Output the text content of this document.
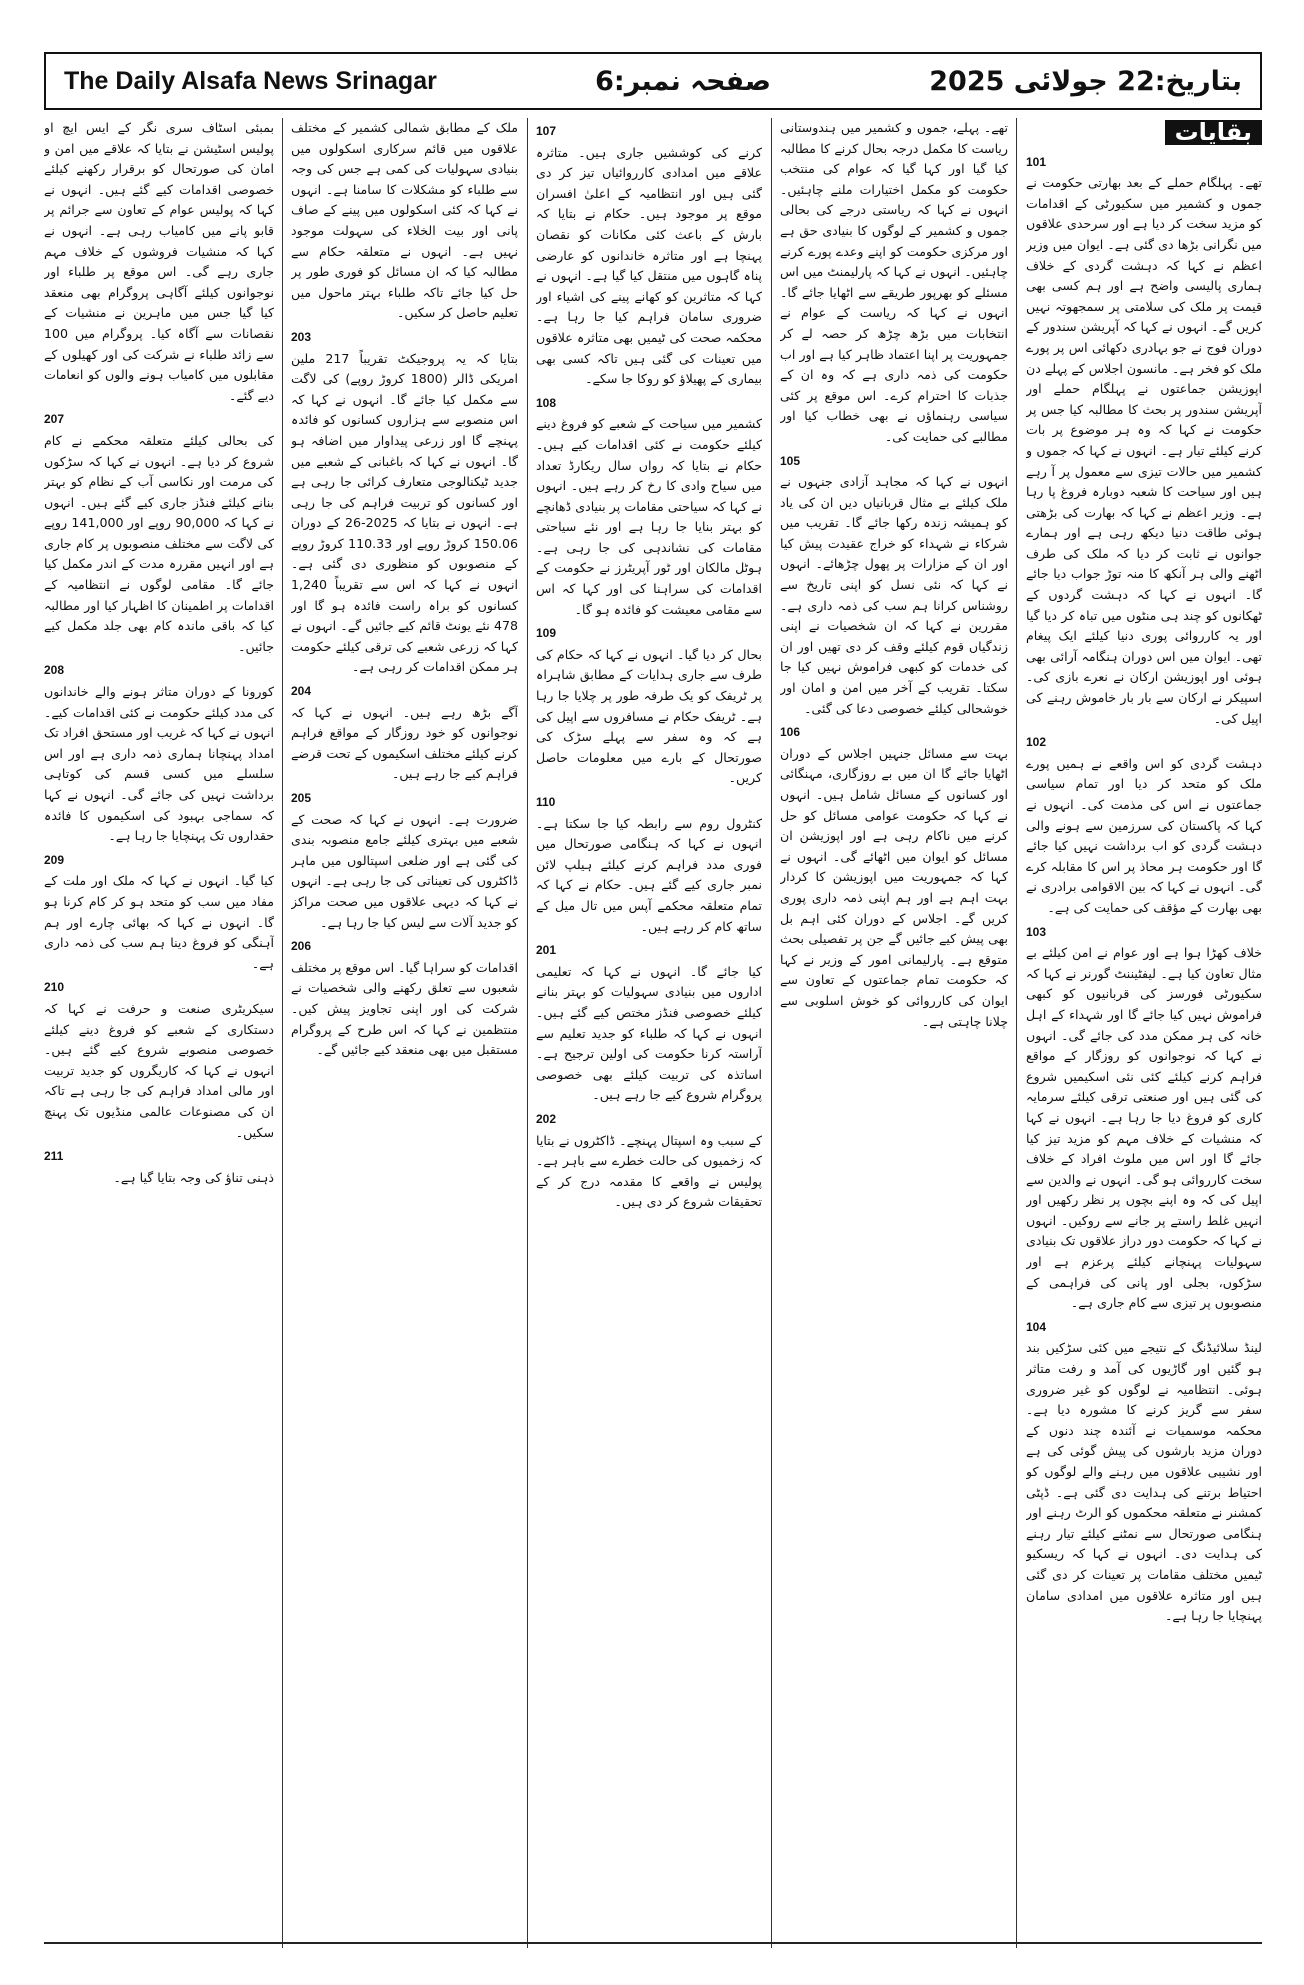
The Daily Alsafa News Srinagar	صفحہ نمبر:6	بتاریخ:22 جولائی 2025
بقایات
101

تھے۔ پہلگام حملے کے بعد بھارتی حکومت نے جموں و کشمیر میں سکیورٹی کے اقدامات کو مزید سخت کر دیا ہے اور سرحدی علاقوں میں نگرانی بڑھا دی گئی ہے۔ ایوان میں وزیر اعظم نے کہا کہ دہشت گردی کے خلاف ہماری پالیسی واضح ہے اور ہم کسی بھی قیمت پر ملک کی سلامتی پر سمجھوتہ نہیں کریں گے۔ انہوں نے کہا کہ آپریشن سندور کے دوران فوج نے جو بہادری دکھائی اس پر پورے ملک کو فخر ہے۔ مانسون اجلاس کے پہلے دن اپوزیشن جماعتوں نے پہلگام حملے اور آپریشن سندور پر بحث کا مطالبہ کیا جس پر حکومت نے کہا کہ وہ ہر موضوع پر بات کرنے کیلئے تیار ہے۔ انہوں نے کہا کہ جموں و کشمیر میں حالات تیزی سے معمول پر آ رہے ہیں اور سیاحت کا شعبہ دوبارہ فروغ پا رہا ہے۔ وزیر اعظم نے کہا کہ بھارت کی بڑھتی ہوئی طاقت دنیا دیکھ رہی ہے اور ہمارے جوانوں نے ثابت کر دیا کہ ملک کی طرف اٹھنے والی ہر آنکھ کا منہ توڑ جواب دیا جائے گا۔ انہوں نے کہا کہ دہشت گردوں کے ٹھکانوں کو چند ہی منٹوں میں تباہ کر دیا گیا اور یہ کارروائی پوری دنیا کیلئے ایک پیغام تھی۔ ایوان میں اس دوران ہنگامہ آرائی بھی ہوئی اور اپوزیشن ارکان نے نعرے بازی کی۔ اسپیکر نے ارکان سے بار بار خاموش رہنے کی اپیل کی۔

102

دہشت گردی کو اس واقعے نے ہمیں پورے ملک کو متحد کر دیا اور تمام سیاسی جماعتوں نے اس کی مذمت کی۔ انہوں نے کہا کہ پاکستان کی سرزمین سے ہونے والی دہشت گردی کو اب برداشت نہیں کیا جائے گا اور حکومت ہر محاذ پر اس کا مقابلہ کرے گی۔ انہوں نے کہا کہ بین الاقوامی برادری نے بھی بھارت کے مؤقف کی حمایت کی ہے۔

103

خلاف کھڑا ہوا ہے اور عوام نے امن کیلئے بے مثال تعاون کیا ہے۔ لیفٹیننٹ گورنر نے کہا کہ سکیورٹی فورسز کی قربانیوں کو کبھی فراموش نہیں کیا جائے گا اور شہداء کے اہل خانہ کی ہر ممکن مدد کی جائے گی۔ انہوں نے کہا کہ نوجوانوں کو روزگار کے مواقع فراہم کرنے کیلئے کئی نئی اسکیمیں شروع کی گئی ہیں اور صنعتی ترقی کیلئے سرمایہ کاری کو فروغ دیا جا رہا ہے۔ انہوں نے کہا کہ منشیات کے خلاف مہم کو مزید تیز کیا جائے گا اور اس میں ملوث افراد کے خلاف سخت کارروائی ہو گی۔ انہوں نے والدین سے اپیل کی کہ وہ اپنے بچوں پر نظر رکھیں اور انہیں غلط راستے پر جانے سے روکیں۔ انہوں نے کہا کہ حکومت دور دراز علاقوں تک بنیادی سہولیات پہنچانے کیلئے پرعزم ہے اور سڑکوں، بجلی اور پانی کی فراہمی کے منصوبوں پر تیزی سے کام جاری ہے۔

104

لینڈ سلائیڈنگ کے نتیجے میں کئی سڑکیں بند ہو گئیں اور گاڑیوں کی آمد و رفت متاثر ہوئی۔ انتظامیہ نے لوگوں کو غیر ضروری سفر سے گریز کرنے کا مشورہ دیا ہے۔ محکمہ موسمیات نے آئندہ چند دنوں کے دوران مزید بارشوں کی پیش گوئی کی ہے اور نشیبی علاقوں میں رہنے والے لوگوں کو احتیاط برتنے کی ہدایت دی گئی ہے۔ ڈپٹی کمشنر نے متعلقہ محکموں کو الرٹ رہنے اور ہنگامی صورتحال سے نمٹنے کیلئے تیار رہنے کی ہدایت دی۔ انہوں نے کہا کہ ریسکیو ٹیمیں مختلف مقامات پر تعینات کر دی گئی ہیں اور متاثرہ علاقوں میں امدادی سامان پہنچایا جا رہا ہے۔

تھے۔ پہلے، جموں و کشمیر میں ہندوستانی ریاست کا مکمل درجہ بحال کرنے کا مطالبہ کیا گیا اور کہا گیا کہ عوام کی منتخب حکومت کو مکمل اختیارات ملنے چاہئیں۔ انہوں نے کہا کہ ریاستی درجے کی بحالی جموں و کشمیر کے لوگوں کا بنیادی حق ہے اور مرکزی حکومت کو اپنے وعدے پورے کرنے چاہئیں۔ انہوں نے کہا کہ پارلیمنٹ میں اس مسئلے کو بھرپور طریقے سے اٹھایا جائے گا۔ انہوں نے کہا کہ ریاست کے عوام نے انتخابات میں بڑھ چڑھ کر حصہ لے کر جمہوریت پر اپنا اعتماد ظاہر کیا ہے اور اب حکومت کی ذمہ داری ہے کہ وہ ان کے جذبات کا احترام کرے۔ اس موقع پر کئی سیاسی رہنماؤں نے بھی خطاب کیا اور مطالبے کی حمایت کی۔

105

انہوں نے کہا کہ مجاہد آزادی جنہوں نے ملک کیلئے بے مثال قربانیاں دیں ان کی یاد کو ہمیشہ زندہ رکھا جائے گا۔ تقریب میں شرکاء نے شہداء کو خراج عقیدت پیش کیا اور ان کے مزارات پر پھول چڑھائے۔ انہوں نے کہا کہ نئی نسل کو اپنی تاریخ سے روشناس کرانا ہم سب کی ذمہ داری ہے۔ مقررین نے کہا کہ ان شخصیات نے اپنی زندگیاں قوم کیلئے وقف کر دی تھیں اور ان کی خدمات کو کبھی فراموش نہیں کیا جا سکتا۔ تقریب کے آخر میں امن و امان اور خوشحالی کیلئے خصوصی دعا کی گئی۔

106

بہت سے مسائل جنہیں اجلاس کے دوران اٹھایا جائے گا ان میں بے روزگاری، مہنگائی اور کسانوں کے مسائل شامل ہیں۔ انہوں نے کہا کہ حکومت عوامی مسائل کو حل کرنے میں ناکام رہی ہے اور اپوزیشن ان مسائل کو ایوان میں اٹھائے گی۔ انہوں نے کہا کہ جمہوریت میں اپوزیشن کا کردار بہت اہم ہے اور ہم اپنی ذمہ داری پوری کریں گے۔ اجلاس کے دوران کئی اہم بل بھی پیش کیے جائیں گے جن پر تفصیلی بحث متوقع ہے۔ پارلیمانی امور کے وزیر نے کہا کہ حکومت تمام جماعتوں کے تعاون سے ایوان کی کارروائی کو خوش اسلوبی سے چلانا چاہتی ہے۔

107

کرنے کی کوششیں جاری ہیں۔ متاثرہ علاقے میں امدادی کارروائیاں تیز کر دی گئی ہیں اور انتظامیہ کے اعلیٰ افسران موقع پر موجود ہیں۔ حکام نے بتایا کہ بارش کے باعث کئی مکانات کو نقصان پہنچا ہے اور متاثرہ خاندانوں کو عارضی پناہ گاہوں میں منتقل کیا گیا ہے۔ انہوں نے کہا کہ متاثرین کو کھانے پینے کی اشیاء اور ضروری سامان فراہم کیا جا رہا ہے۔ محکمہ صحت کی ٹیمیں بھی متاثرہ علاقوں میں تعینات کی گئی ہیں تاکہ کسی بھی بیماری کے پھیلاؤ کو روکا جا سکے۔

108

کشمیر میں سیاحت کے شعبے کو فروغ دینے کیلئے حکومت نے کئی اقدامات کیے ہیں۔ حکام نے بتایا کہ رواں سال ریکارڈ تعداد میں سیاح وادی کا رخ کر رہے ہیں۔ انہوں نے کہا کہ سیاحتی مقامات پر بنیادی ڈھانچے کو بہتر بنایا جا رہا ہے اور نئے سیاحتی مقامات کی نشاندہی کی جا رہی ہے۔ ہوٹل مالکان اور ٹور آپریٹرز نے حکومت کے اقدامات کی سراہنا کی اور کہا کہ اس سے مقامی معیشت کو فائدہ ہو گا۔

109

بحال کر دیا گیا۔ انہوں نے کہا کہ حکام کی طرف سے جاری ہدایات کے مطابق شاہراہ پر ٹریفک کو یک طرفہ طور پر چلایا جا رہا ہے۔ ٹریفک حکام نے مسافروں سے اپیل کی ہے کہ وہ سفر سے پہلے سڑک کی صورتحال کے بارے میں معلومات حاصل کریں۔

110

کنٹرول روم سے رابطہ کیا جا سکتا ہے۔ انہوں نے کہا کہ ہنگامی صورتحال میں فوری مدد فراہم کرنے کیلئے ہیلپ لائن نمبر جاری کیے گئے ہیں۔ حکام نے کہا کہ تمام متعلقہ محکمے آپس میں تال میل کے ساتھ کام کر رہے ہیں۔

201

کیا جائے گا۔ انہوں نے کہا کہ تعلیمی اداروں میں بنیادی سہولیات کو بہتر بنانے کیلئے خصوصی فنڈز مختص کیے گئے ہیں۔ انہوں نے کہا کہ طلباء کو جدید تعلیم سے آراستہ کرنا حکومت کی اولین ترجیح ہے۔ اساتذہ کی تربیت کیلئے بھی خصوصی پروگرام شروع کیے جا رہے ہیں۔

202

کے سبب وہ اسپتال پہنچے۔ ڈاکٹروں نے بتایا کہ زخمیوں کی حالت خطرے سے باہر ہے۔ پولیس نے واقعے کا مقدمہ درج کر کے تحقیقات شروع کر دی ہیں۔

ملک کے مطابق شمالی کشمیر کے مختلف علاقوں میں قائم سرکاری اسکولوں میں بنیادی سہولیات کی کمی ہے جس کی وجہ سے طلباء کو مشکلات کا سامنا ہے۔ انہوں نے کہا کہ کئی اسکولوں میں پینے کے صاف پانی اور بیت الخلاء کی سہولت موجود نہیں ہے۔ انہوں نے متعلقہ حکام سے مطالبہ کیا کہ ان مسائل کو فوری طور پر حل کیا جائے تاکہ طلباء بہتر ماحول میں تعلیم حاصل کر سکیں۔

203

بتایا کہ یہ پروجیکٹ تقریباً 217 ملین امریکی ڈالر (1800 کروڑ روپے) کی لاگت سے مکمل کیا جائے گا۔ انہوں نے کہا کہ اس منصوبے سے ہزاروں کسانوں کو فائدہ پہنچے گا اور زرعی پیداوار میں اضافہ ہو گا۔ انہوں نے کہا کہ باغبانی کے شعبے میں جدید ٹیکنالوجی متعارف کرائی جا رہی ہے اور کسانوں کو تربیت فراہم کی جا رہی ہے۔ انہوں نے بتایا کہ 2025-26 کے دوران 150.06 کروڑ روپے اور 110.33 کروڑ روپے کے منصوبوں کو منظوری دی گئی ہے۔ انہوں نے کہا کہ اس سے تقریباً 1,240 کسانوں کو براہ راست فائدہ ہو گا اور 478 نئے یونٹ قائم کیے جائیں گے۔ انہوں نے کہا کہ زرعی شعبے کی ترقی کیلئے حکومت ہر ممکن اقدامات کر رہی ہے۔

204

آگے بڑھ رہے ہیں۔ انہوں نے کہا کہ نوجوانوں کو خود روزگار کے مواقع فراہم کرنے کیلئے مختلف اسکیموں کے تحت قرضے فراہم کیے جا رہے ہیں۔

205

ضرورت ہے۔ انہوں نے کہا کہ صحت کے شعبے میں بہتری کیلئے جامع منصوبہ بندی کی گئی ہے اور ضلعی اسپتالوں میں ماہر ڈاکٹروں کی تعیناتی کی جا رہی ہے۔ انہوں نے کہا کہ دیہی علاقوں میں صحت مراکز کو جدید آلات سے لیس کیا جا رہا ہے۔

206

اقدامات کو سراہا گیا۔ اس موقع پر مختلف شعبوں سے تعلق رکھنے والی شخصیات نے شرکت کی اور اپنی تجاویز پیش کیں۔ منتظمین نے کہا کہ اس طرح کے پروگرام مستقبل میں بھی منعقد کیے جائیں گے۔

بمبئی اسٹاف سری نگر کے ایس ایچ او پولیس اسٹیشن نے بتایا کہ علاقے میں امن و امان کی صورتحال کو برقرار رکھنے کیلئے خصوصی اقدامات کیے گئے ہیں۔ انہوں نے کہا کہ پولیس عوام کے تعاون سے جرائم پر قابو پانے میں کامیاب رہی ہے۔ انہوں نے کہا کہ منشیات فروشوں کے خلاف مہم جاری رہے گی۔ اس موقع پر طلباء اور نوجوانوں کیلئے آگاہی پروگرام بھی منعقد کیا گیا جس میں ماہرین نے منشیات کے نقصانات سے آگاہ کیا۔ پروگرام میں 100 سے زائد طلباء نے شرکت کی اور کھیلوں کے مقابلوں میں کامیاب ہونے والوں کو انعامات دیے گئے۔

207

کی بحالی کیلئے متعلقہ محکمے نے کام شروع کر دیا ہے۔ انہوں نے کہا کہ سڑکوں کی مرمت اور نکاسی آب کے نظام کو بہتر بنانے کیلئے فنڈز جاری کیے گئے ہیں۔ انہوں نے کہا کہ 90,000 روپے اور 141,000 روپے کی لاگت سے مختلف منصوبوں پر کام جاری ہے اور انہیں مقررہ مدت کے اندر مکمل کیا جائے گا۔ مقامی لوگوں نے انتظامیہ کے اقدامات پر اطمینان کا اظہار کیا اور مطالبہ کیا کہ باقی ماندہ کام بھی جلد مکمل کیے جائیں۔

208

کورونا کے دوران متاثر ہونے والے خاندانوں کی مدد کیلئے حکومت نے کئی اقدامات کیے۔ انہوں نے کہا کہ غریب اور مستحق افراد تک امداد پہنچانا ہماری ذمہ داری ہے اور اس سلسلے میں کسی قسم کی کوتاہی برداشت نہیں کی جائے گی۔ انہوں نے کہا کہ سماجی بہبود کی اسکیموں کا فائدہ حقداروں تک پہنچایا جا رہا ہے۔

209

کیا گیا۔ انہوں نے کہا کہ ملک اور ملت کے مفاد میں سب کو متحد ہو کر کام کرنا ہو گا۔ انہوں نے کہا کہ بھائی چارے اور ہم آہنگی کو فروغ دینا ہم سب کی ذمہ داری ہے۔

210

سیکریٹری صنعت و حرفت نے کہا کہ دستکاری کے شعبے کو فروغ دینے کیلئے خصوصی منصوبے شروع کیے گئے ہیں۔ انہوں نے کہا کہ کاریگروں کو جدید تربیت اور مالی امداد فراہم کی جا رہی ہے تاکہ ان کی مصنوعات عالمی منڈیوں تک پہنچ سکیں۔

211

ذہنی تناؤ کی وجہ بتایا گیا ہے۔
